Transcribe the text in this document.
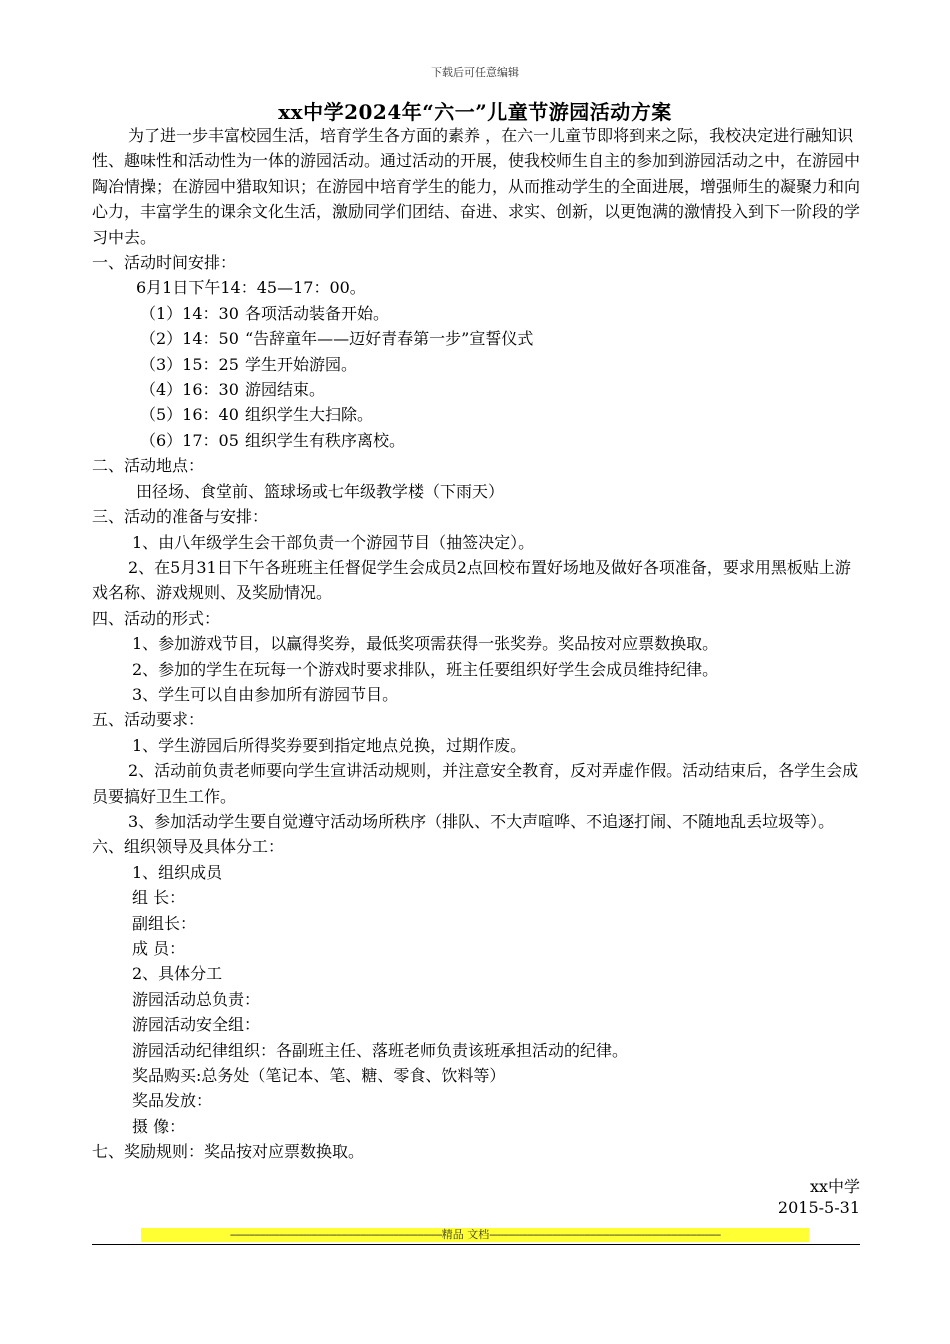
下载后可任意编辑
xx中学2024年“六一”儿童节游园活动方案

为了进一步丰富校园生活，培育学生各方面的素养 ，在六一儿童节即将到来之际，我校决定进行融知识性、趣味性和活动性为一体的游园活动。通过活动的开展，使我校师生自主的参加到游园活动之中，在游园中陶冶情操；在游园中猎取知识；在游园中培育学生的能力，从而推动学生的全面进展，增强师生的凝聚力和向心力，丰富学生的课余文化生活，激励同学们团结、奋进、求实、创新，以更饱满的激情投入到下一阶段的学习中去。

一、活动时间安排：

6月1日下午14：45—17：00。

（1）14：30 各项活动装备开始。

（2）14：50 “告辞童年——迈好青春第一步”宣誓仪式

（3）15：25 学生开始游园。

（4）16：30 游园结束。

（5）16：40 组织学生大扫除。

（6）17：05 组织学生有秩序离校。

二、活动地点：

田径场、食堂前、篮球场或七年级教学楼（下雨天）

三、活动的准备与安排：

1、由八年级学生会干部负责一个游园节目（抽签决定）。

2、在5月31日下午各班班主任督促学生会成员2点回校布置好场地及做好各项准备，要求用黑板贴上游戏名称、游戏规则、及奖励情况。

四、活动的形式：

1、参加游戏节目，以赢得奖券，最低奖项需获得一张奖券。奖品按对应票数换取。

2、参加的学生在玩每一个游戏时要求排队，班主任要组织好学生会成员维持纪律。

3、学生可以自由参加所有游园节目。

五、活动要求：

1、学生游园后所得奖券要到指定地点兑换，过期作废。

2、活动前负责老师要向学生宣讲活动规则，并注意安全教育，反对弄虚作假。活动结束后，各学生会成员要搞好卫生工作。

3、参加活动学生要自觉遵守活动场所秩序（排队、不大声喧哗、不追逐打闹、不随地乱丢垃圾等）。

六、组织领导及具体分工：

1、组织成员

组 长：

副组长：

成 员：

2、具体分工

游园活动总负责：

游园活动安全组：

游园活动纪律组织：各副班主任、落班老师负责该班承担活动的纪律。

奖品购买:总务处（笔记本、笔、糖、零食、饮料等）

奖品发放：

摄 像：

七、奖励规则：奖品按对应票数换取。

xx中学
2015-5-31
------------------------------------------------------------------------------精品 文档-------------------------------------------------------------------------------------
